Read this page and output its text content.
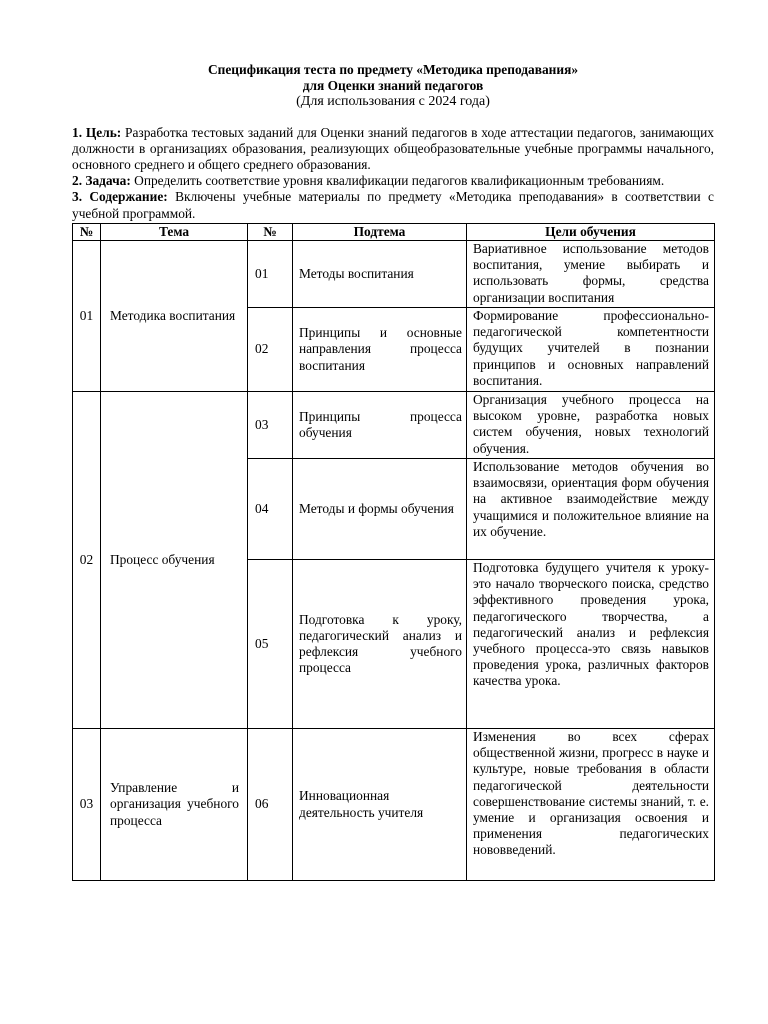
Спецификация теста по предмету «Методика преподавания»
для Оценки знаний педагогов
(Для использования с 2024 года)

1. Цель: Разработка тестовых заданий для Оценки знаний педагогов в ходе аттестации педагогов, занимающих должности в организациях образования, реализующих общеобразовательные учебные программы начального, основного среднего и общего среднего образования.

2. Задача: Определить соответствие уровня квалификации педагогов квалификационным требованиям.

3. Содержание: Включены учебные материалы по предмету «Методика преподавания» в соответствии с учебной программой.

№	Тема	№	Подтема	Цели обучения
01	Методика воспитания	01	Методы воспитания	Вариативное использование методов воспитания, умение выбирать и использовать формы, средства организации воспитания
		02	Принципы и основные направления процесса воспитания	Формирование профессионально-педагогической компетентности будущих учителей в познании принципов и основных направлений воспитания.
02	Процесс обучения	03	Принципы процесса обучения	Организация учебного процесса на высоком уровне, разработка новых систем обучения, новых технологий обучения.
		04	Методы и формы обучения	Использование методов обучения во взаимосвязи, ориентация форм обучения на активное взаимодействие между учащимися и положительное влияние на их обучение.
		05	Подготовка к уроку, педагогический анализ и рефлексия учебного процесса	Подготовка будущего учителя к уроку-это начало творческого поиска, средство эффективного проведения урока, педагогического творчества, а педагогический анализ и рефлексия учебного процесса-это связь навыков проведения урока, различных факторов качества урока.
03	Управление и организация учебного процесса	06	Инновационная деятельность учителя	Изменения во всех сферах общественной жизни, прогресс в науке и культуре, новые требования в области педагогической деятельности совершенствование системы знаний, т. е. умение и организация освоения и применения педагогических нововведений.
